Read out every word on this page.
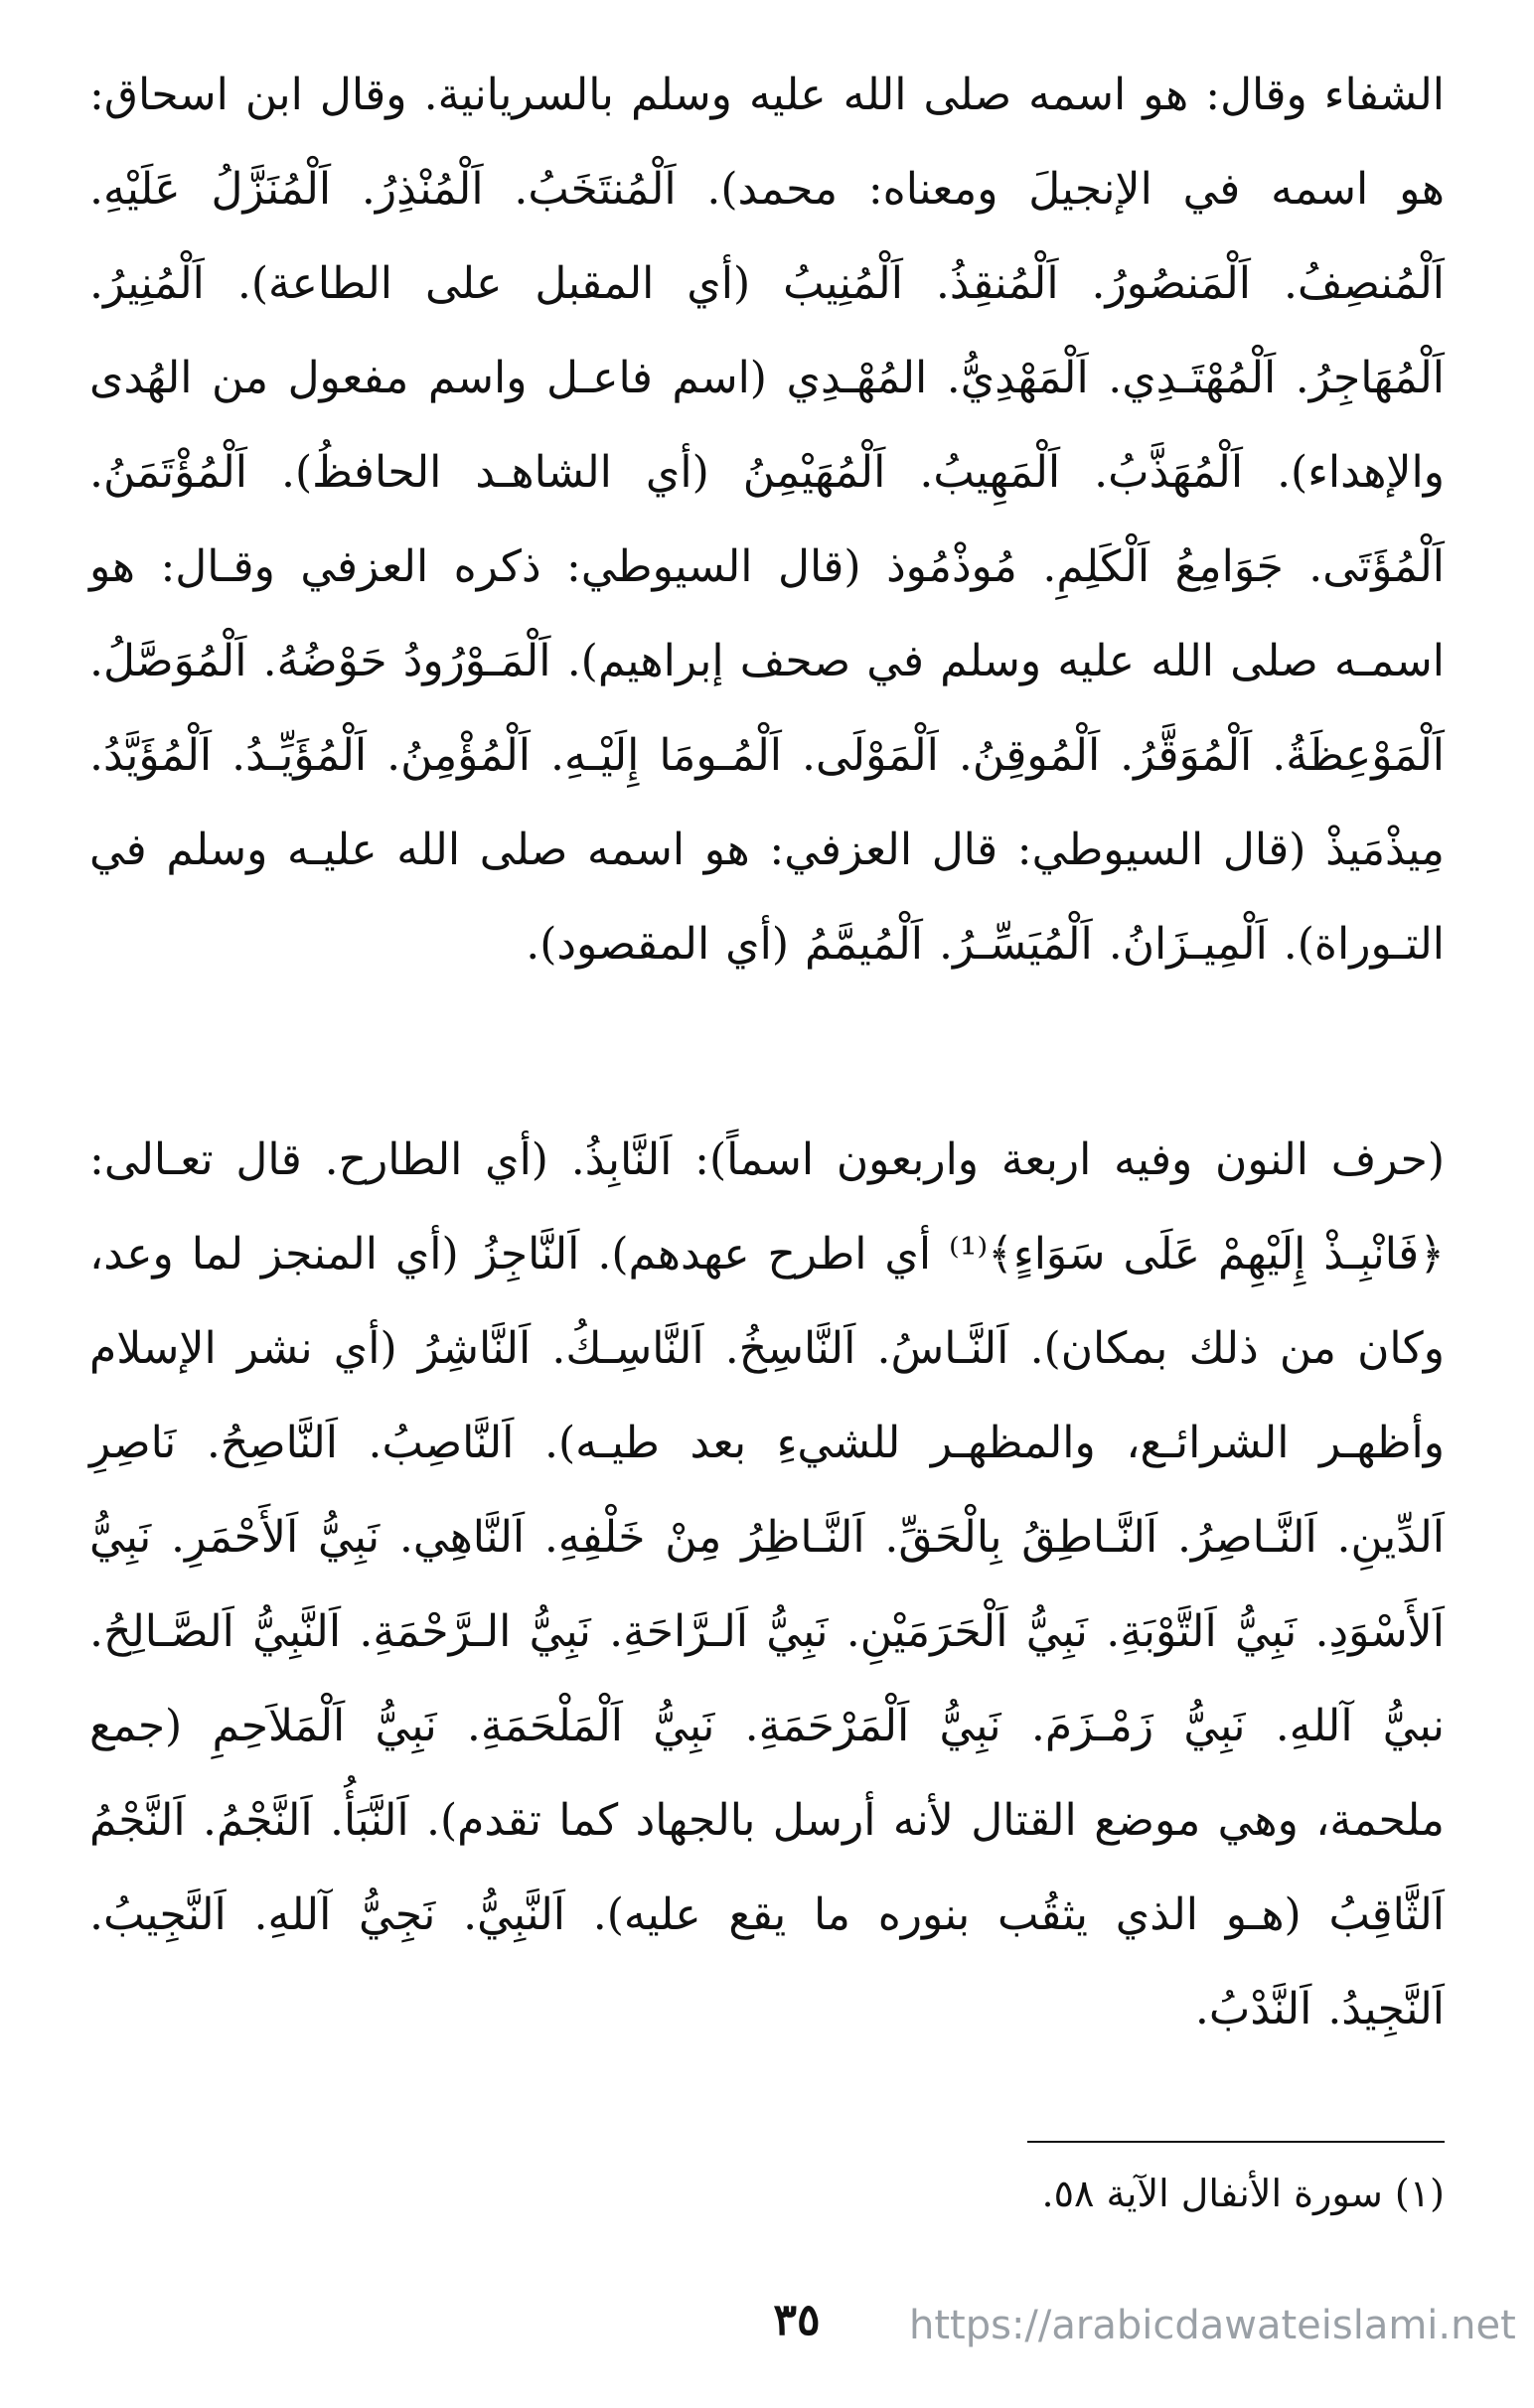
الشفاء وقال: هو اسمه صلى الله عليه وسلم بالسريانية. وقال ابن اسحاق: هو اسمه في الإنجيلَ ومعناه: محمد). اَلْمُنتَخَبُ. اَلْمُنْذِرُ. اَلْمُنَزَّلُ عَلَيْهِ. اَلْمُنصِفُ. اَلْمَنصُورُ. اَلْمُنقِذُ. اَلْمُنِيبُ (أي المقبل على الطاعة). اَلْمُنِيرُ. اَلْمُهَاجِرُ. اَلْمُهْتَـدِي. اَلْمَهْدِيُّ. المُهْـدِي (اسم فاعـل واسم مفعول من الهُدى والإهداء). اَلْمُهَذَّبُ. اَلْمَهِيبُ. اَلْمُهَيْمِنُ (أي الشاهـد الحافظُ). اَلْمُؤْتَمَنُ. اَلْمُؤَتَى. جَوَامِعُ اَلْكَلِمِ. مُوذْمُوذ (قال السيوطي: ذكره العزفي وقـال: هو اسمـه صلى الله عليه وسلم في صحف إبراهيم). اَلْمَـوْرُودُ حَوْضُهُ. اَلْمُوَصَّلُ. اَلْمَوْعِظَةُ. اَلْمُوَقَّرُ. اَلْمُوقِنُ. اَلْمَوْلَى. اَلْمُـومَا إِلَيْـهِ. اَلْمُؤْمِنُ. اَلْمُؤَيِّـدُ. اَلْمُؤَيَّدُ. مِيذْمَيذْ (قال السيوطي: قال العزفي: هو اسمه صلى الله عليـه وسلم في التـوراة). اَلْمِيـزَانُ. اَلْمُيَسِّـرُ. اَلْمُيمَّمُ (أي المقصود).

(حرف النون وفيه اربعة واربعون اسماً): اَلنَّابِذُ. (أي الطارح. قال تعـالى: ﴿فَانْبِـذْ إِلَيْهِمْ عَلَى سَوَاءٍ﴾⁽¹⁾ أي اطرح عهدهم). اَلنَّاجِزُ (أي المنجز لما وعد، وكان من ذلك بمكان). اَلنَّـاسُ. اَلنَّاسِخُ. اَلنَّاسِـكُ. اَلنَّاشِرُ (أي نشر الإسلام وأظهـر الشرائـع، والمظهـر للشيءِ بعد طيـه). اَلنَّاصِبُ. اَلنَّاصِحُ. نَاصِرِ اَلدِّينِ. اَلنَّـاصِرُ. اَلنَّـاطِقُ بِالْحَقِّ. اَلنَّـاظِرُ مِنْ خَلْفِهِ. اَلنَّاهِي. نَبِيُّ اَلأَحْمَرِ. نَبِيُّ اَلأَسْوَدِ. نَبِيُّ اَلتَّوْبَةِ. نَبِيُّ اَلْحَرَمَيْنِ. نَبِيُّ اَلـرَّاحَةِ. نَبِيُّ الـرَّحْمَةِ. اَلنَّبِيُّ اَلصَّـالِحُ. نبيُّ آللهِ. نَبِيُّ زَمْـزَمَ. نَبِيُّ اَلْمَرْحَمَةِ. نَبِيُّ اَلْمَلْحَمَةِ. نَبِيُّ اَلْمَلاَحِمِ (جمع ملحمة، وهي موضع القتال لأنه أرسل بالجهاد كما تقدم). اَلنَّبَأُ. اَلنَّجْمُ. اَلنَّجْمُ اَلثَّاقِبُ (هـو الذي يثقُب بنوره ما يقع عليه). اَلنَّبِيُّ. نَجِيُّ آللهِ. اَلنَّجِيبُ. اَلنَّجِيدُ. اَلنَّدْبُ.

(١) سورة الأنفال الآية ٥٨.
٣٥	https://arabicdawateislami.net
